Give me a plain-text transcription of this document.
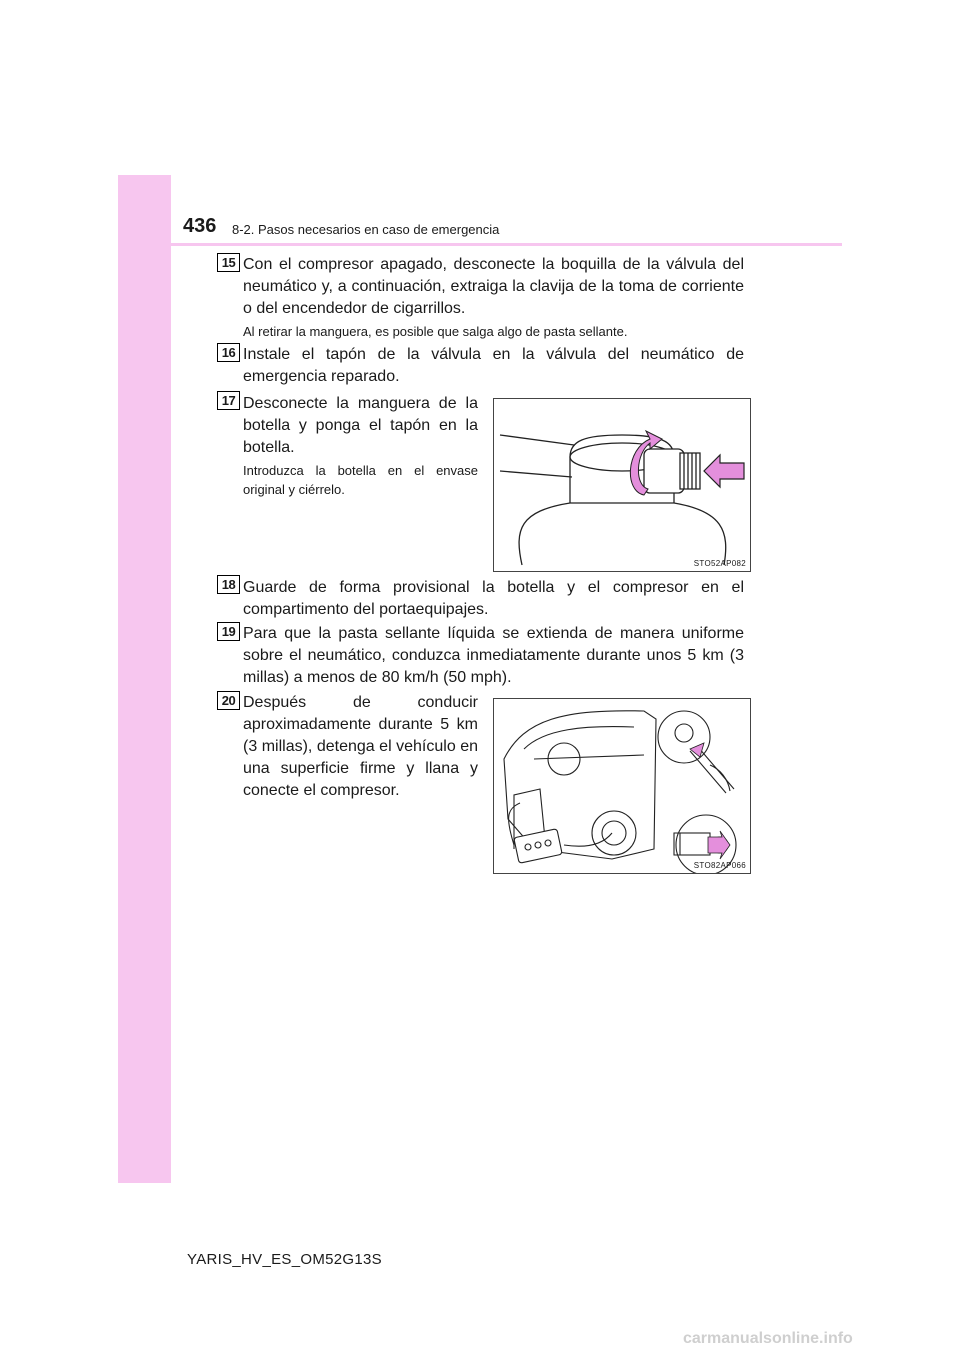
436 8-2. Pasos necesarios en caso de emergencia
15 Con el compresor apagado, desconecte la boquilla de la válvula del neumático y, a continuación, extraiga la clavija de la toma de corriente o del encendedor de cigarrillos.

Al retirar la manguera, es posible que salga algo de pasta sellante.

16 Instale el tapón de la válvula en la válvula del neumático de emergencia reparado.

17 Desconecte la manguera de la botella y ponga el tapón en la botella.

Introduzca la botella en el envase original y ciérrelo.

STO52AP082
18 Guarde de forma provisional la botella y el compresor en el compartimento del portaequipajes.

19 Para que la pasta sellante líquida se extienda de manera uniforme sobre el neumático, conduzca inmediatamente durante unos 5 km (3 millas) a menos de 80 km/h (50 mph).

20 Después de conducir aproximadamente durante 5 km (3 millas), detenga el vehículo en una superficie firme y llana y conecte el compresor.

STO82AP066
YARIS_HV_ES_OM52G13S
carmanualsonline.info
